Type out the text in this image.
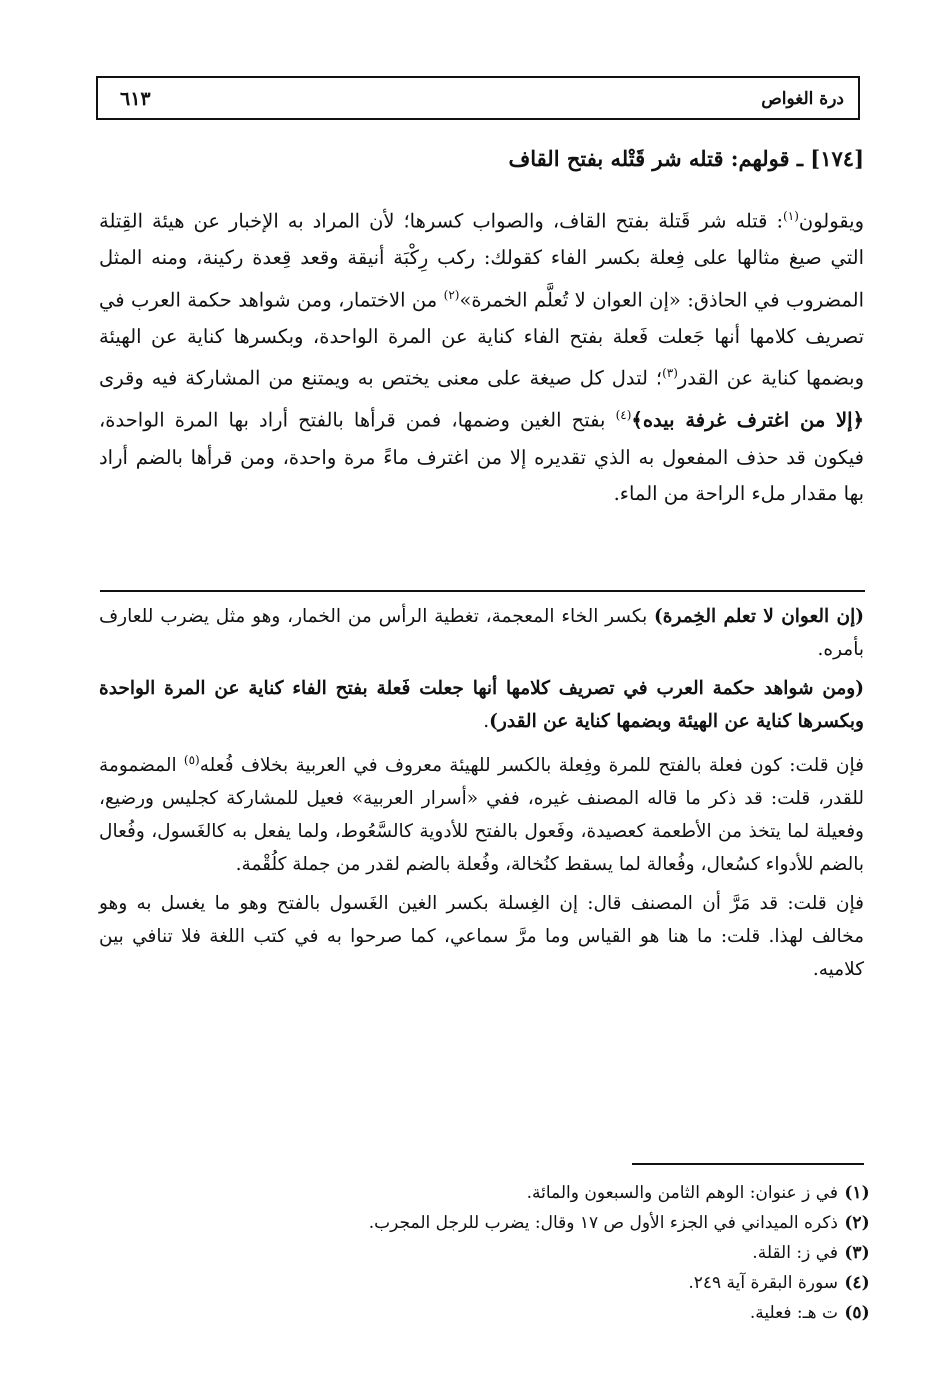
درة الغواص
٦١٣
[١٧٤] ـ قولهم: قتله شر قَتْله بفتح القاف

ويقولون$^{(١)}$: قتله شر قَتلة بفتح القاف، والصواب كسرها؛ لأن المراد به الإخبار عن هيئة القِتلة التي صيغ مثالها على فِعلة بكسر الفاء كقولك: ركب رِكْبَة أنيقة وقعد قِعدة ركينة، ومنه المثل المضروب في الحاذق: «إن العوان لا تُعلَّم الخمرة»$^{(٢)}$ من الاختمار، ومن شواهد حكمة العرب في تصريف كلامها أنها جَعلت فَعلة بفتح الفاء كناية عن المرة الواحدة، وبكسرها كناية عن الهيئة وبضمها كناية عن القدر$^{(٣)}$؛ لتدل كل صيغة على معنى يختص به ويمتنع من المشاركة فيه وقرى ﴿إلا من اغترف غرفة بيده﴾$^{(٤)}$ بفتح الغين وضمها، فمن قرأها بالفتح أراد بها المرة الواحدة، فيكون قد حذف المفعول به الذي تقديره إلا من اغترف ماءً مرة واحدة، ومن قرأها بالضم أراد بها مقدار ملء الراحة من الماء.

(إن العوان لا تعلم الخِمرة) بكسر الخاء المعجمة، تغطية الرأس من الخمار، وهو مثل يضرب للعارف بأمره.

(ومن شواهد حكمة العرب في تصريف كلامها أنها جعلت فَعلة بفتح الفاء كناية عن المرة الواحدة وبكسرها كناية عن الهيئة وبضمها كناية عن القدر).

فإن قلت: كون فعلة بالفتح للمرة وفِعلة بالكسر للهيئة معروف في العربية بخلاف فُعله$^{(٥)}$ المضمومة للقدر، قلت: قد ذكر ما قاله المصنف غيره، ففي «أسرار العربية» فعيل للمشاركة كجليس ورضيع، وفعيلة لما يتخذ من الأطعمة كعصيدة، وفَعول بالفتح للأدوية كالسَّعُوط، ولما يفعل به كالغَسول، وفُعال بالضم للأدواء كسُعال، وفُعالة لما يسقط كنُخالة، وفُعلة بالضم لقدر من جملة كلُقْمة.

فإن قلت: قد مَرَّ أن المصنف قال: إن الغِسلة بكسر الغين الغَسول بالفتح وهو ما يغسل به وهو مخالف لهذا. قلت: ما هنا هو القياس وما مرَّ سماعي، كما صرحوا به في كتب اللغة فلا تنافي بين كلاميه.

(١)في ز عنوان: الوهم الثامن والسبعون والمائة.
(٢)ذكره الميداني في الجزء الأول ص ١٧ وقال: يضرب للرجل المجرب.
(٣)في ز: القلة.
(٤)سورة البقرة آية ٢٤٩.
(٥)ت هـ: فعلية.
